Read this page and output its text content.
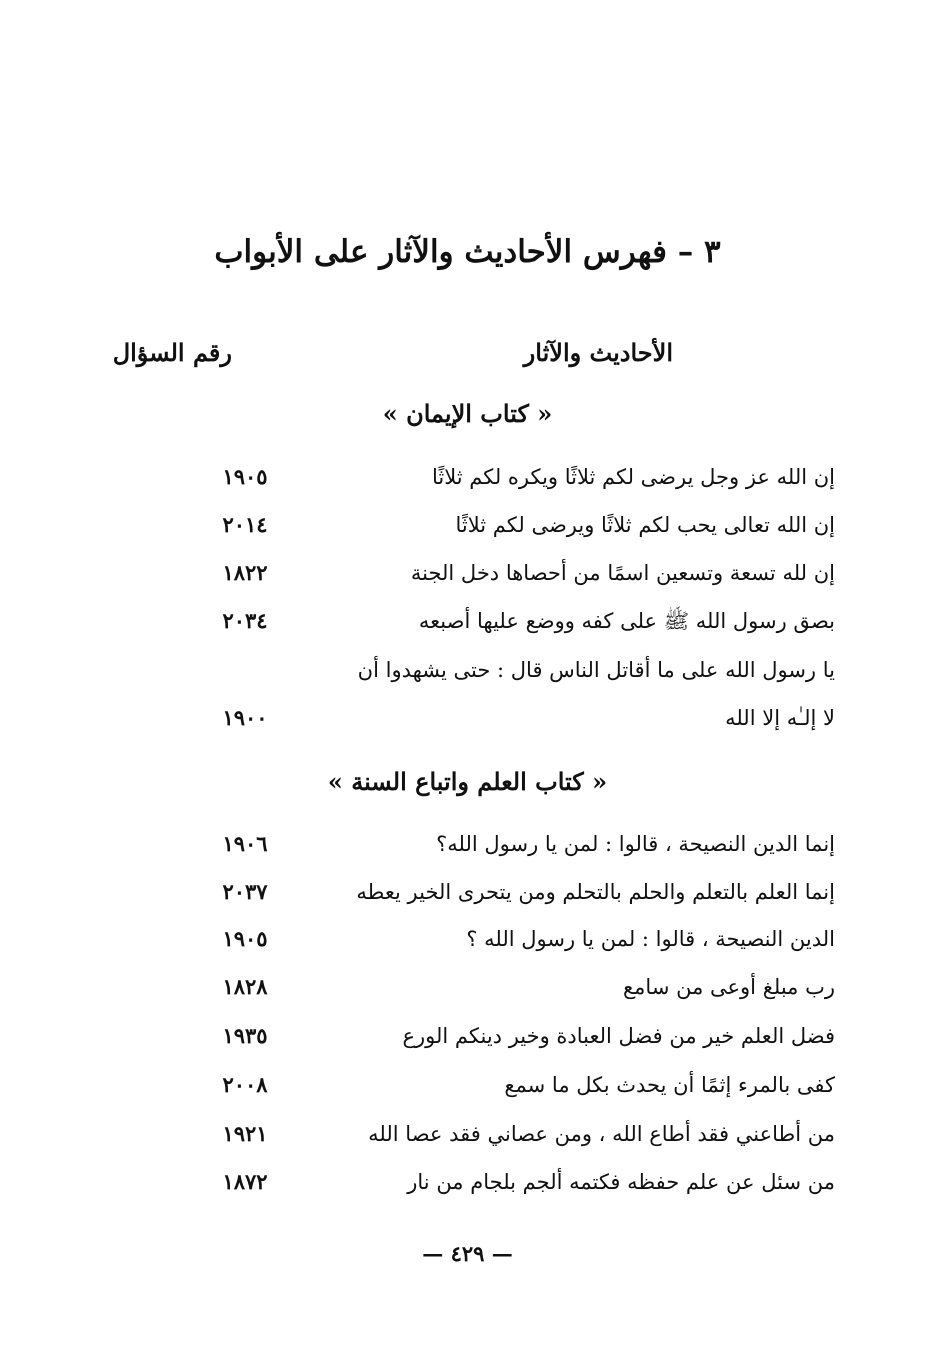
٣ – فهرس الأحاديث والآثار على الأبواب
الأحاديث والآثار
رقم السؤال
« كتاب الإيمان »
إن الله عز وجل يرضى لكم ثلاثًا ويكره لكم ثلاثًا
١٩٠٥
إن الله تعالى يحب لكم ثلاثًا ويرضى لكم ثلاثًا
٢٠١٤
إن لله تسعة وتسعين اسمًا من أحصاها دخل الجنة
١٨٢٢
بصق رسول الله ﷺ على كفه ووضع عليها أصبعه
٢٠٣٤
يا رسول الله على ما أقاتل الناس قال : حتى يشهدوا أن
لا إلـٰه إلا الله
١٩٠٠
« كتاب العلم واتباع السنة »
إنما الدين النصيحة ، قالوا : لمن يا رسول الله؟
١٩٠٦
إنما العلم بالتعلم والحلم بالتحلم ومن يتحرى الخير يعطه
٢٠٣٧
الدين النصيحة ، قالوا : لمن يا رسول الله ؟
١٩٠٥
رب مبلغ أوعى من سامع
١٨٢٨
فضل العلم خير من فضل العبادة وخير دينكم الورع
١٩٣٥
كفى بالمرء إثمًا أن يحدث بكل ما سمع
٢٠٠٨
من أطاعني فقد أطاع الله ، ومن عصاني فقد عصا الله
١٩٢١
من سئل عن علم حفظه فكتمه ألجم بلجام من نار
١٨٧٢
— ٤٢٩ —
